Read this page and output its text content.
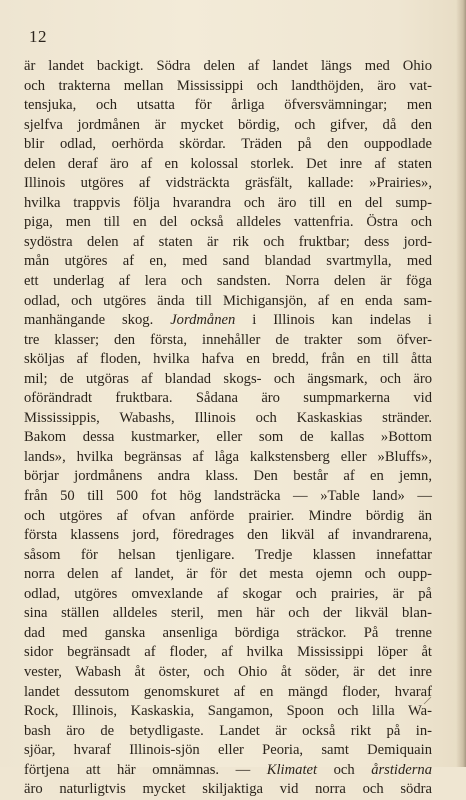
12
är landet backigt. Södra delen af landet längs med Ohio
och trakterna mellan Mississippi och landthöjden, äro vat-
tensjuka, och utsatta för årliga öfversvämningar; men
sjelfva jordmånen är mycket bördig, och gifver, då den
blir odlad, oerhörda skördar. Träden på den ouppodlade
delen deraf äro af en kolossal storlek. Det inre af staten
Illinois utgöres af vidsträckta gräsfält, kallade: »Prairies»,
hvilka trappvis följa hvarandra och äro till en del sump-
piga, men till en del också alldeles vattenfria. Östra och
sydöstra delen af staten är rik och fruktbar; dess jord-
mån utgöres af en, med sand blandad svartmylla, med
ett underlag af lera och sandsten. Norra delen är föga
odlad, och utgöres ända till Michigansjön, af en enda sam-
manhängande skog. Jordmånen i Illinois kan indelas i
tre klasser; den första, innehåller de trakter som öfver-
sköljas af floden, hvilka hafva en bredd, från en till åtta
mil; de utgöras af blandad skogs- och ängsmark, och äro
oförändradt fruktbara. Sådana äro sumpmarkerna vid
Mississippis, Wabashs, Illinois och Kaskaskias stränder.
Bakom dessa kustmarker, eller som de kallas »Bottom
lands», hvilka begränsas af låga kalkstensberg eller »Bluffs»,
börjar jordmånens andra klass. Den består af en jemn,
från 50 till 500 fot hög landsträcka — »Table land» —
och utgöres af ofvan anförde prairier. Mindre bördig än
första klassens jord, föredrages den likväl af invandrarena,
såsom för helsan tjenligare. Tredje klassen innefattar
norra delen af landet, är för det mesta ojemn och oupp-
odlad, utgöres omvexlande af skogar och prairies, är på
sina ställen alldeles steril, men här och der likväl blan-
dad med ganska ansenliga bördiga sträckor. På trenne
sidor begränsadt af floder, af hvilka Mississippi löper åt
vester, Wabash åt öster, och Ohio åt söder, är det inre
landet dessutom genomskuret af en mängd floder, hvaraf
Rock, Illinois, Kaskaskia, Sangamon, Spoon och lilla Wa-
bash äro de betydligaste. Landet är också rikt på in-
sjöar, hvaraf Illinois-sjön eller Peoria, samt Demiquain
förtjena att här omnämnas. — Klimatet och årstiderna
äro naturligtvis mycket skiljaktiga vid norra och södra
